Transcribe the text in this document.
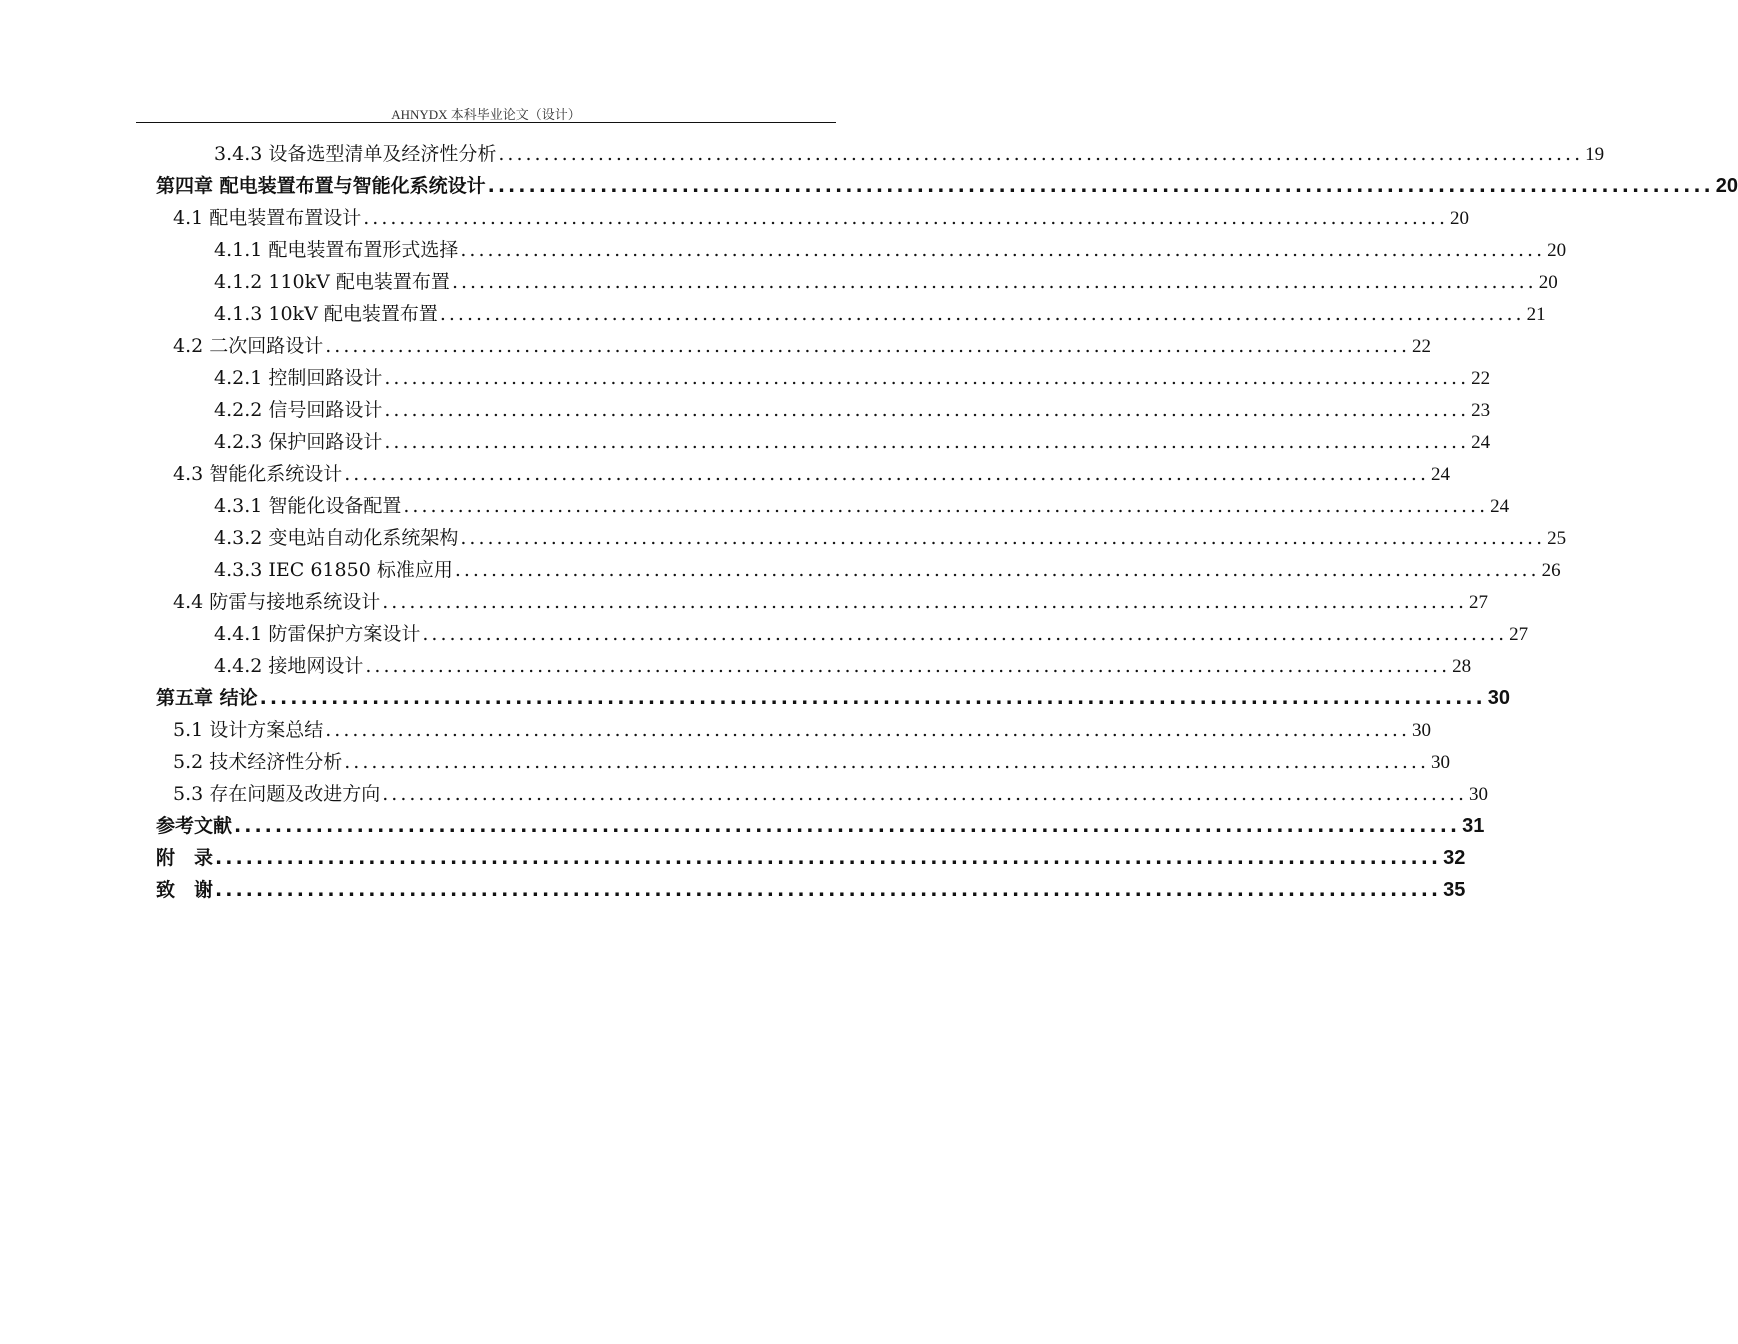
AHNYDX 本科毕业论文（设计）
3.4.3 设备选型清单及经济性分析 ........................................................................................................................ 19
第四章 配电装置布置与智能化系统设计 ........................................................................................................................ 20
4.1 配电装置布置设计 ........................................................................................................................ 20
4.1.1 配电装置布置形式选择 ........................................................................................................................ 20
4.1.2 110kV 配电装置布置 ........................................................................................................................ 20
4.1.3 10kV 配电装置布置 ........................................................................................................................ 21
4.2 二次回路设计 ........................................................................................................................ 22
4.2.1 控制回路设计 ........................................................................................................................ 22
4.2.2 信号回路设计 ........................................................................................................................ 23
4.2.3 保护回路设计 ........................................................................................................................ 24
4.3 智能化系统设计 ........................................................................................................................ 24
4.3.1 智能化设备配置 ........................................................................................................................ 24
4.3.2 变电站自动化系统架构 ........................................................................................................................ 25
4.3.3 IEC 61850 标准应用 ........................................................................................................................ 26
4.4 防雷与接地系统设计 ........................................................................................................................ 27
4.4.1 防雷保护方案设计 ........................................................................................................................ 27
4.4.2 接地网设计 ........................................................................................................................ 28
第五章 结论 ........................................................................................................................ 30
5.1 设计方案总结 ........................................................................................................................ 30
5.2 技术经济性分析 ........................................................................................................................ 30
5.3 存在问题及改进方向 ........................................................................................................................ 30
参考文献 ........................................................................................................................ 31
附　录 ........................................................................................................................ 32
致　谢 ........................................................................................................................ 35
